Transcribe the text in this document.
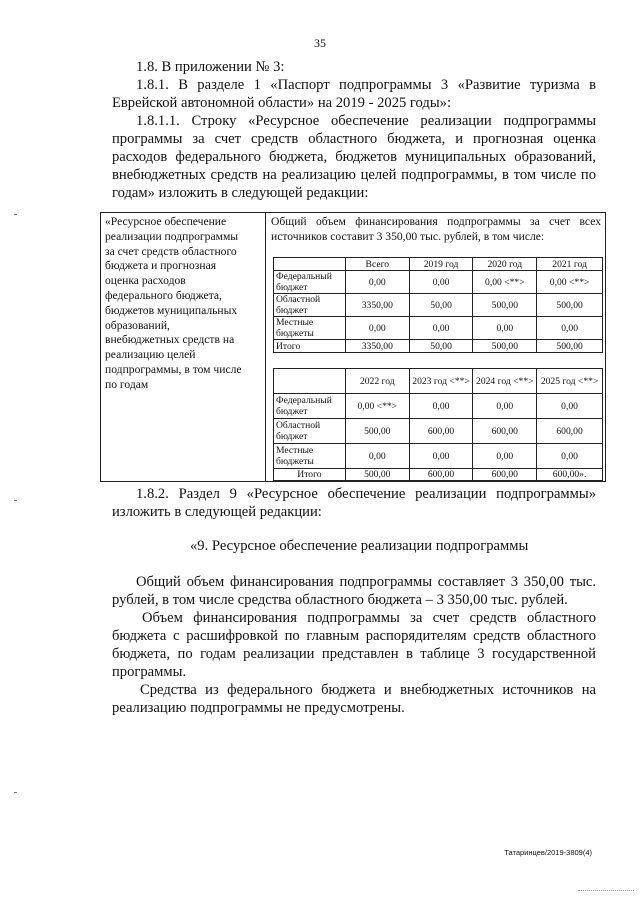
35

1.8. В приложении № 3:

1.8.1. В разделе 1 «Паспорт подпрограммы 3 «Развитие туризма в

Еврейской автономной области» на 2019 - 2025 годы»:

1.8.1.1. Строку «Ресурсное обеспечение реализации подпрограммы

программы за счет средств областного бюджета, и прогнозная оценка

расходов федерального бюджета, бюджетов муниципальных образований,

внебюджетных средств на реализацию целей подпрограммы, в том числе по

годам» изложить в следующей редакции:

«Ресурсное обеспечение
реализации подпрограммы
за счет средств областного
бюджета и прогнозная
оценка расходов
федерального бюджета,
бюджетов муниципальных
образований,
внебюджетных средств на
реализацию целей
подпрограммы, в том числе
по годам
Общий объем финансирования подпрограммы за счет всех источников составит 3 350,00 тыс. рублей, в том числе:
	Всего	2019 год	2020 год	2021 год
Федеральный бюджет	0,00	0,00	0,00 <**>	0,00 <**>
Областной бюджет	3350,00	50,00	500,00	500,00
Местные бюджеты	0,00	0,00	0,00	0,00
Итого	3350,00	50,00	500,00	500,00
	2022 год	2023 год <**>	2024 год <**>	2025 год <**>
Федеральный бюджет	0,00 <**>	0,00	0,00	0,00
Областной бюджет	500,00	600,00	600,00	600,00
Местные бюджеты	0,00	0,00	0,00	0,00
Итого	500,00	600,00	600,00	600,00».

1.8.2. Раздел 9 «Ресурсное обеспечение реализации подпрограммы»

изложить в следующей редакции:

«9. Ресурсное обеспечение реализации подпрограммы

Общий объем финансирования подпрограммы составляет 3 350,00 тыс.

рублей, в том числе средства областного бюджета – 3 350,00 тыс. рублей.

Объем финансирования подпрограммы за счет средств областного

бюджета с расшифровкой по главным распорядителям средств областного

бюджета, по годам реализации представлен в таблице 3 государственной

программы.

Средства из федерального бюджета и внебюджетных источников на

реализацию подпрограммы не предусмотрены.

Татаринцев/2019-3809(4)
